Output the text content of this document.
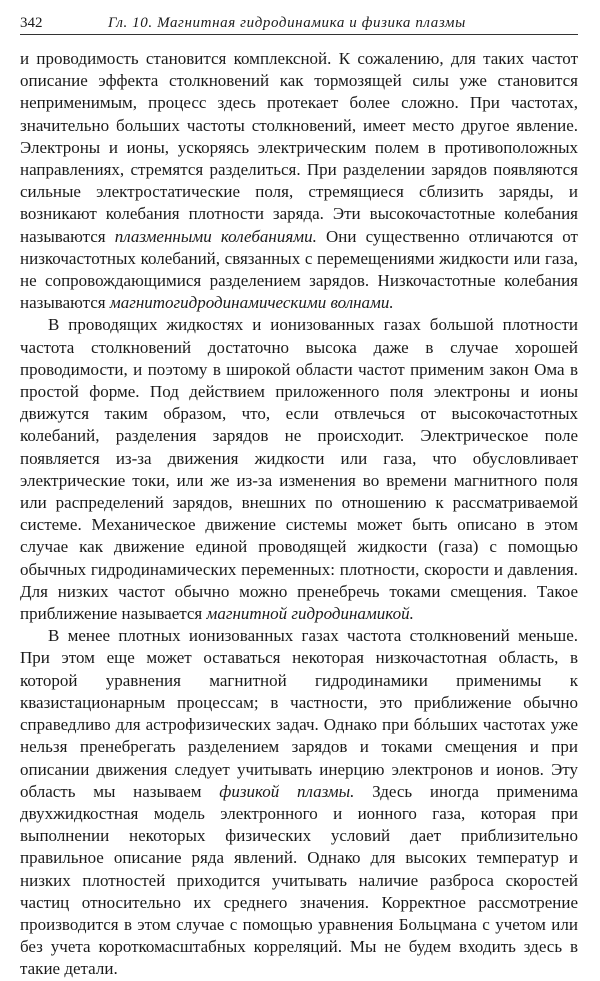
342	Гл. 10. Магнитная гидродинамика и физика плазмы

и проводимость становится комплексной. К сожалению, для таких частот описание эффекта столкновений как тормозящей силы уже становится неприменимым, процесс здесь протекает более сложно. При частотах, значительно больших частоты столкновений, имеет место другое явление. Электроны и ионы, ускоряясь электрическим полем в противоположных направлениях, стремятся разделиться. При разделении зарядов появляются сильные электростатические поля, стремящиеся сблизить заряды, и возникают колебания плотности заряда. Эти высокочастотные колебания называются плазменными колебаниями. Они существенно отличаются от низкочастотных колебаний, связанных с перемещениями жидкости или газа, не сопровождающимися разделением зарядов. Низкочастотные колебания называются магнитогидродинамическими волнами.

В проводящих жидкостях и ионизованных газах большой плотности частота столкновений достаточно высока даже в случае хорошей проводимости, и поэтому в широкой области частот применим закон Ома в простой форме. Под действием приложенного поля электроны и ионы движутся таким образом, что, если отвлечься от высокочастотных колебаний, разделения зарядов не происходит. Электрическое поле появляется из-за движения жидкости или газа, что обусловливает электрические токи, или же из-за изменения во времени магнитного поля или распределений зарядов, внешних по отношению к рассматриваемой системе. Механическое движение системы может быть описано в этом случае как движение единой проводящей жидкости (газа) с помощью обычных гидродинамических переменных: плотности, скорости и давления. Для низких частот обычно можно пренебречь токами смещения. Такое приближение называется магнитной гидродинамикой.

В менее плотных ионизованных газах частота столкновений меньше. При этом еще может оставаться некоторая низкочастотная область, в которой уравнения магнитной гидродинамики применимы к квазистационарным процессам; в частности, это приближение обычно справедливо для астрофизических задач. Однако при бóльших частотах уже нельзя пренебрегать разделением зарядов и токами смещения и при описании движения следует учитывать инерцию электронов и ионов. Эту область мы называем физикой плазмы. Здесь иногда применима двухжидкостная модель электронного и ионного газа, которая при выполнении некоторых физических условий дает приблизительно правильное описание ряда явлений. Однако для высоких температур и низких плотностей приходится учитывать наличие разброса скоростей частиц относительно их среднего значения. Корректное рассмотрение производится в этом случае с помощью уравнения Больцмана с учетом или без учета короткомасштабных корреляций. Мы не будем входить здесь в такие детали.
